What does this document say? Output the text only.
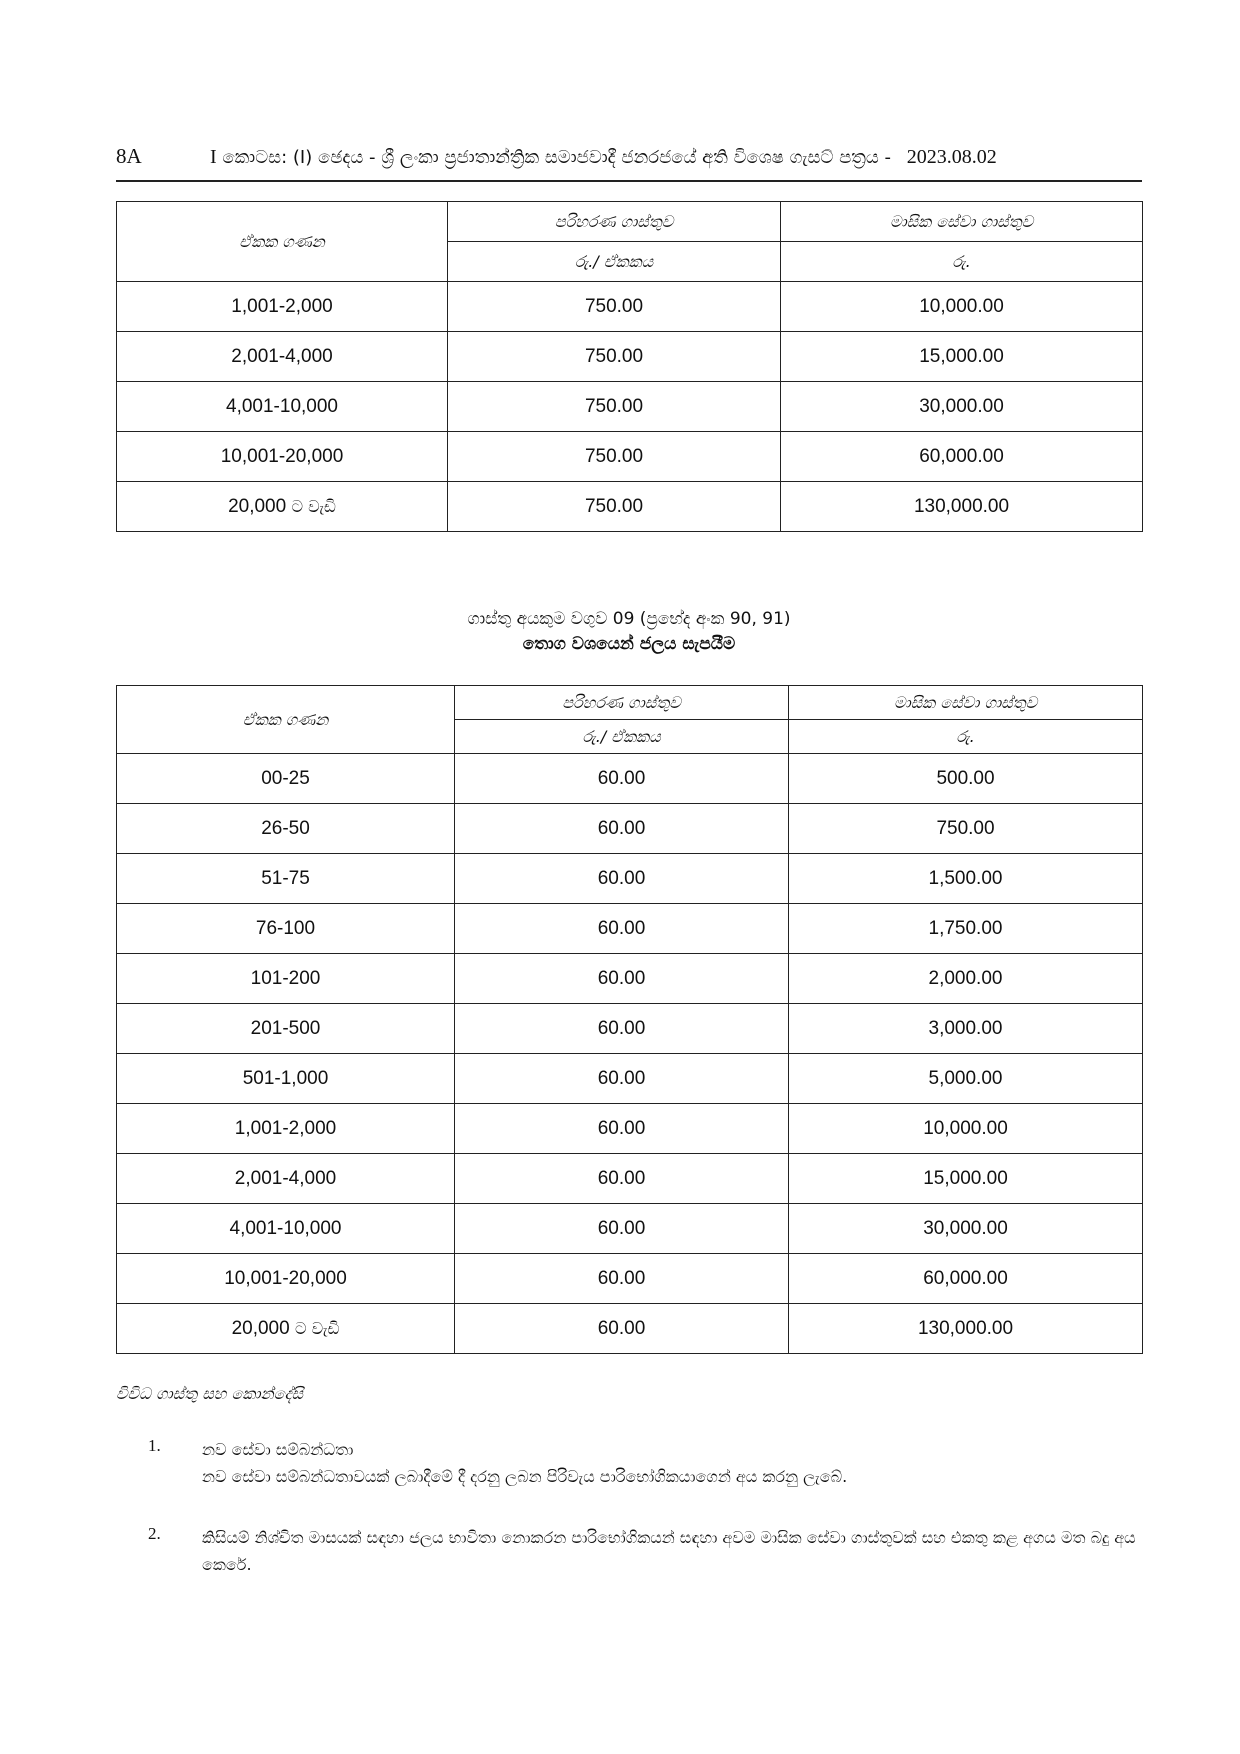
8A	I කොටස: (I) ඡෙදය - ශ්‍රී ලංකා ප්‍රජාතාන්ත්‍රික සමාජවාදී ජනරජයේ අති විශෙෂ ගැසට් පත්‍රය - 2023.08.02
ඒකක ගණන	පරිහරණ ගාස්තුව	මාසික සේවා ගාස්තුව
	රු./ ඒකකය	රු.
1,001-2,000	750.00	10,000.00
2,001-4,000	750.00	15,000.00
4,001-10,000	750.00	30,000.00
10,001-20,000	750.00	60,000.00
20,000 ට වැඩි	750.00	130,000.00
ගාස්තු අයකුම වගුව 09 (ප්‍රභේද අංක 90, 91)
තොග වශයෙන් ජලය සැපයීම
ඒකක ගණන	පරිහරණ ගාස්තුව	මාසික සේවා ගාස්තුව
	රු./ ඒකකය	රු.
00-25	60.00	500.00
26-50	60.00	750.00
51-75	60.00	1,500.00
76-100	60.00	1,750.00
101-200	60.00	2,000.00
201-500	60.00	3,000.00
501-1,000	60.00	5,000.00
1,001-2,000	60.00	10,000.00
2,001-4,000	60.00	15,000.00
4,001-10,000	60.00	30,000.00
10,001-20,000	60.00	60,000.00
20,000 ට වැඩි	60.00	130,000.00
විවිධ ගාස්තු සහ කොන්දේසි
1.	නව සේවා සම්බන්ධතා
නව සේවා සම්බන්ධතාවයක් ලබාදීමේ දී දරනු ලබන පිරිවැය පාරිභෝගිකයාගෙන් අය කරනු ලැබේ.
2.	කිසියම් නිශ්චිත මාසයක් සඳහා ජලය භාවිතා නොකරන පාරිභෝගිකයන් සඳහා අවම මාසික සේවා ගාස්තුවක් සහ එකතු කළ අගය මත බදු අය කෙරේ.
